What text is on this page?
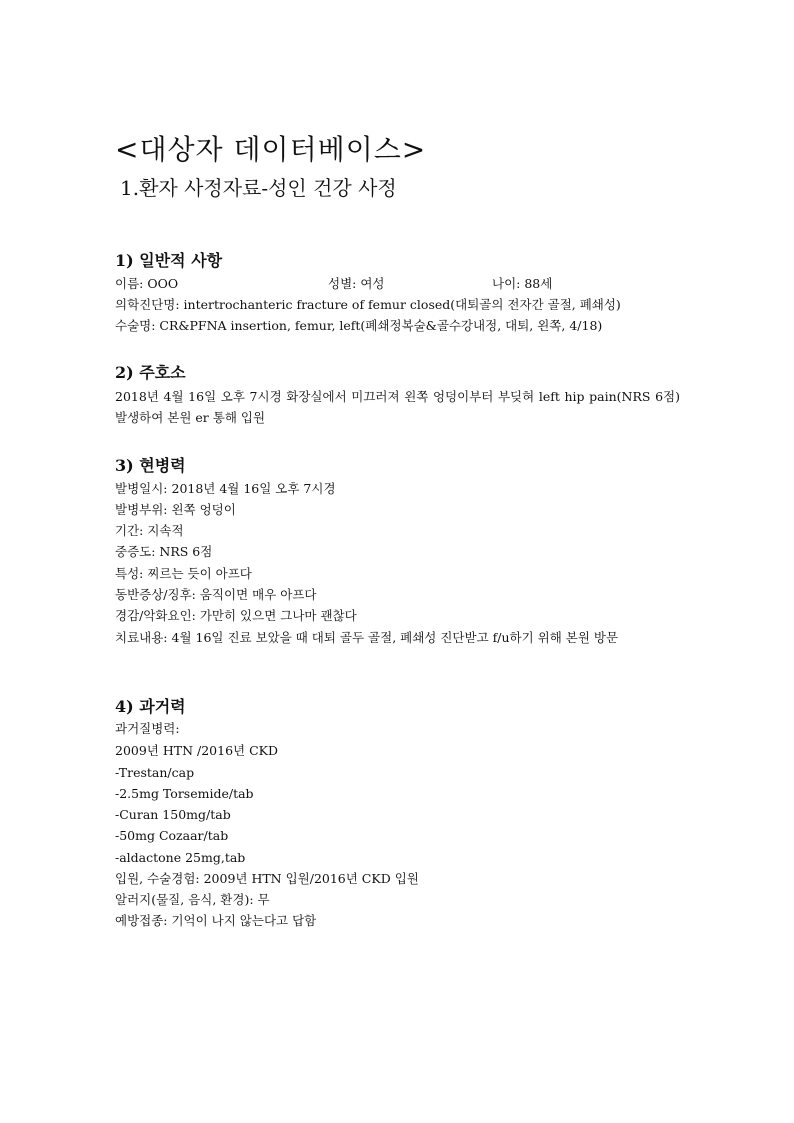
<대상자 데이터베이스>
1.환자 사정자료-성인 건강 사정
1) 일반적 사항
이름: OOO	성별: 여성	나이: 88세

의학진단명: intertrochanteric fracture of femur closed(대퇴골의 전자간 골절, 폐쇄성)

수술명: CR&PFNA insertion, femur, left(폐쇄정복술&골수강내정, 대퇴, 왼쪽, 4/18)

2) 주호소

2018년 4월 16일 오후 7시경 화장실에서 미끄러져 왼쪽 엉덩이부터 부딪혀 left hip pain(NRS 6점) 발생하여 본원 er 통해 입원

3) 현병력

발병일시: 2018년 4월 16일 오후 7시경

발병부위: 왼쪽 엉덩이

기간: 지속적

중증도: NRS 6점

특성: 찌르는 듯이 아프다

동반증상/징후: 움직이면 매우 아프다

경감/악화요인: 가만히 있으면 그나마 괜찮다

치료내용: 4월 16일 진료 보았을 때 대퇴 골두 골절, 폐쇄성 진단받고 f/u하기 위해 본원 방문

4) 과거력

과거질병력:

2009년 HTN /2016년 CKD

-Trestan/cap

-2.5mg Torsemide/tab

-Curan 150mg/tab

-50mg Cozaar/tab

-aldactone 25mg,tab

입원, 수술경험: 2009년 HTN 입원/2016년 CKD 입원

알러지(물질, 음식, 환경): 무

예방접종: 기억이 나지 않는다고 답함
